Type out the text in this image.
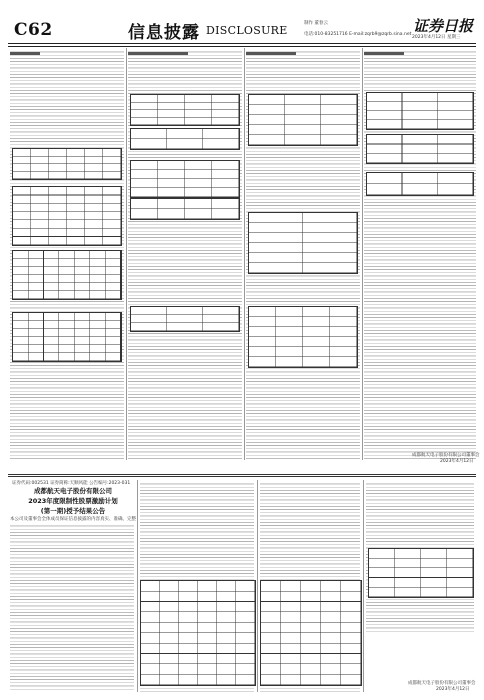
C62	信息披露 DISCLOSURE
制作 董春云
电话:010-83251716 E-mail:zqrb9@zqrb.sina.net 证券日报
2023年4月12日 星期三
成都航天电子股份有限公司董事会
2023年4月12日
证券代码:002531 证券简称:天顺风能 公告编号:2023-031
成都航天电子股份有限公司
2023年度限制性股票激励计划
(第一期)授予结果公告
本公司及董事会全体成员保证信息披露的内容真实、准确、完整
成都航天电子股份有限公司董事会
2023年4月12日
